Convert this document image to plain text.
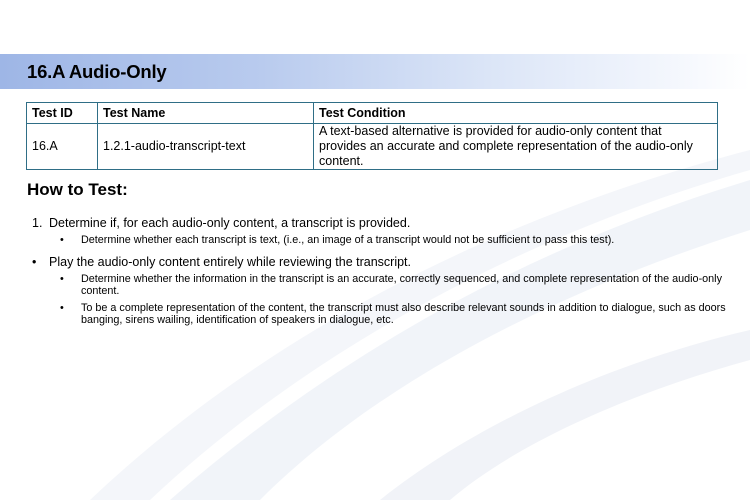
16.A Audio-Only
Test ID	Test Name	Test Condition
16.A	1.2.1-audio-transcript-text	A text-based alternative is provided for audio-only content that provides an accurate and complete representation of the audio-only content.
How to Test:
1. Determine if, for each audio-only content, a transcript is provided.
• Determine whether each transcript is text, (i.e., an image of a transcript would not be sufficient to pass this test).
• Play the audio-only content entirely while reviewing the transcript.
• Determine whether the information in the transcript is an accurate, correctly sequenced, and complete representation of the audio-only content.
• To be a complete representation of the content, the transcript must also describe relevant sounds in addition to dialogue, such as doors banging, sirens wailing, identification of speakers in dialogue, etc.
